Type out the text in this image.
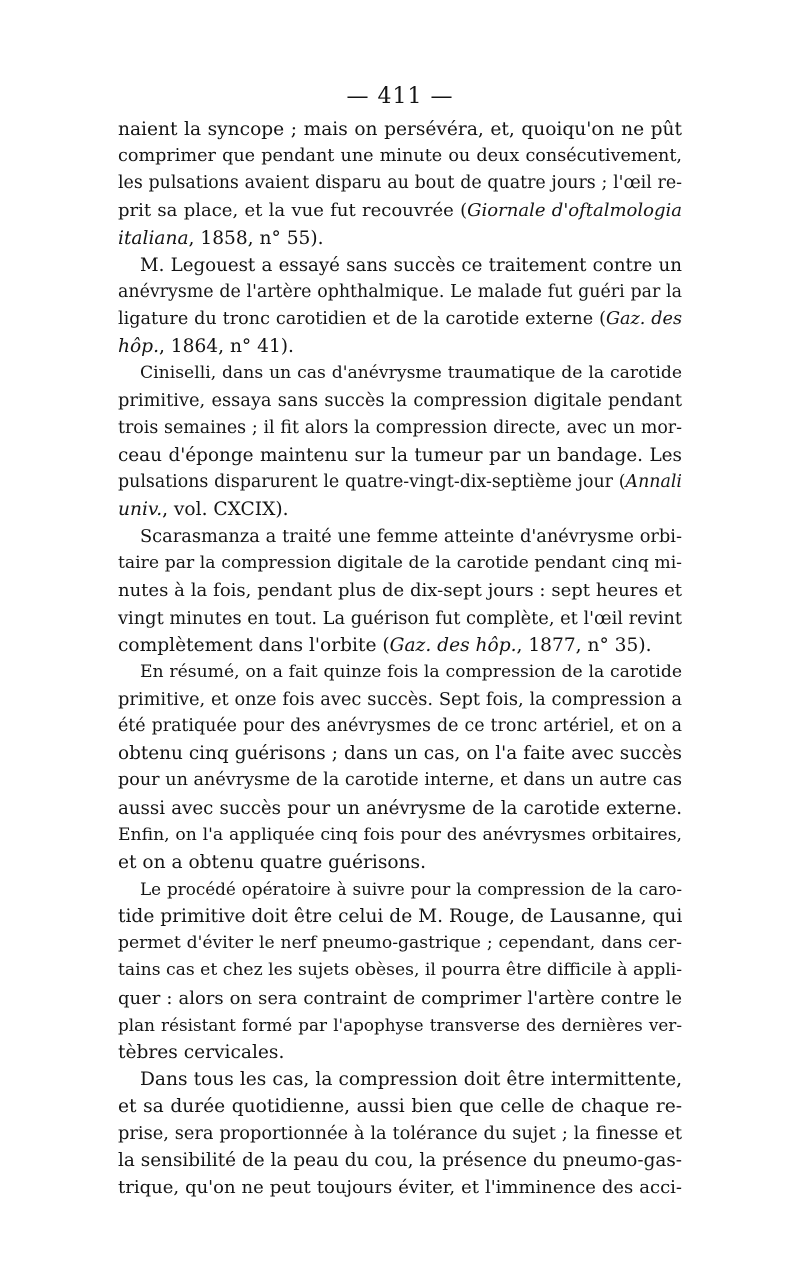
— 411 —
naient la syncope ; mais on persévéra, et, quoiqu'on ne pût
comprimer que pendant une minute ou deux consécutivement,
les pulsations avaient disparu au bout de quatre jours ; l'œil re-
prit sa place, et la vue fut recouvrée (Giornale d'oftalmologia
italiana, 1858, n° 55).
M. Legouest a essayé sans succès ce traitement contre un
anévrysme de l'artère ophthalmique. Le malade fut guéri par la
ligature du tronc carotidien et de la carotide externe (Gaz. des
hôp., 1864, n° 41).
Ciniselli, dans un cas d'anévrysme traumatique de la carotide
primitive, essaya sans succès la compression digitale pendant
trois semaines ; il fit alors la compression directe, avec un mor-
ceau d'éponge maintenu sur la tumeur par un bandage. Les
pulsations disparurent le quatre-vingt-dix-septième jour (Annali
univ., vol. CXCIX).
Scarasmanza a traité une femme atteinte d'anévrysme orbi-
taire par la compression digitale de la carotide pendant cinq mi-
nutes à la fois, pendant plus de dix-sept jours : sept heures et
vingt minutes en tout. La guérison fut complète, et l'œil revint
complètement dans l'orbite (Gaz. des hôp., 1877, n° 35).
En résumé, on a fait quinze fois la compression de la carotide
primitive, et onze fois avec succès. Sept fois, la compression a
été pratiquée pour des anévrysmes de ce tronc artériel, et on a
obtenu cinq guérisons ; dans un cas, on l'a faite avec succès
pour un anévrysme de la carotide interne, et dans un autre cas
aussi avec succès pour un anévrysme de la carotide externe.
Enfin, on l'a appliquée cinq fois pour des anévrysmes orbitaires,
et on a obtenu quatre guérisons.
Le procédé opératoire à suivre pour la compression de la caro-
tide primitive doit être celui de M. Rouge, de Lausanne, qui
permet d'éviter le nerf pneumo-gastrique ; cependant, dans cer-
tains cas et chez les sujets obèses, il pourra être difficile à appli-
quer : alors on sera contraint de comprimer l'artère contre le
plan résistant formé par l'apophyse transverse des dernières ver-
tèbres cervicales.
Dans tous les cas, la compression doit être intermittente,
et sa durée quotidienne, aussi bien que celle de chaque re-
prise, sera proportionnée à la tolérance du sujet ; la finesse et
la sensibilité de la peau du cou, la présence du pneumo-gas-
trique, qu'on ne peut toujours éviter, et l'imminence des acci-
